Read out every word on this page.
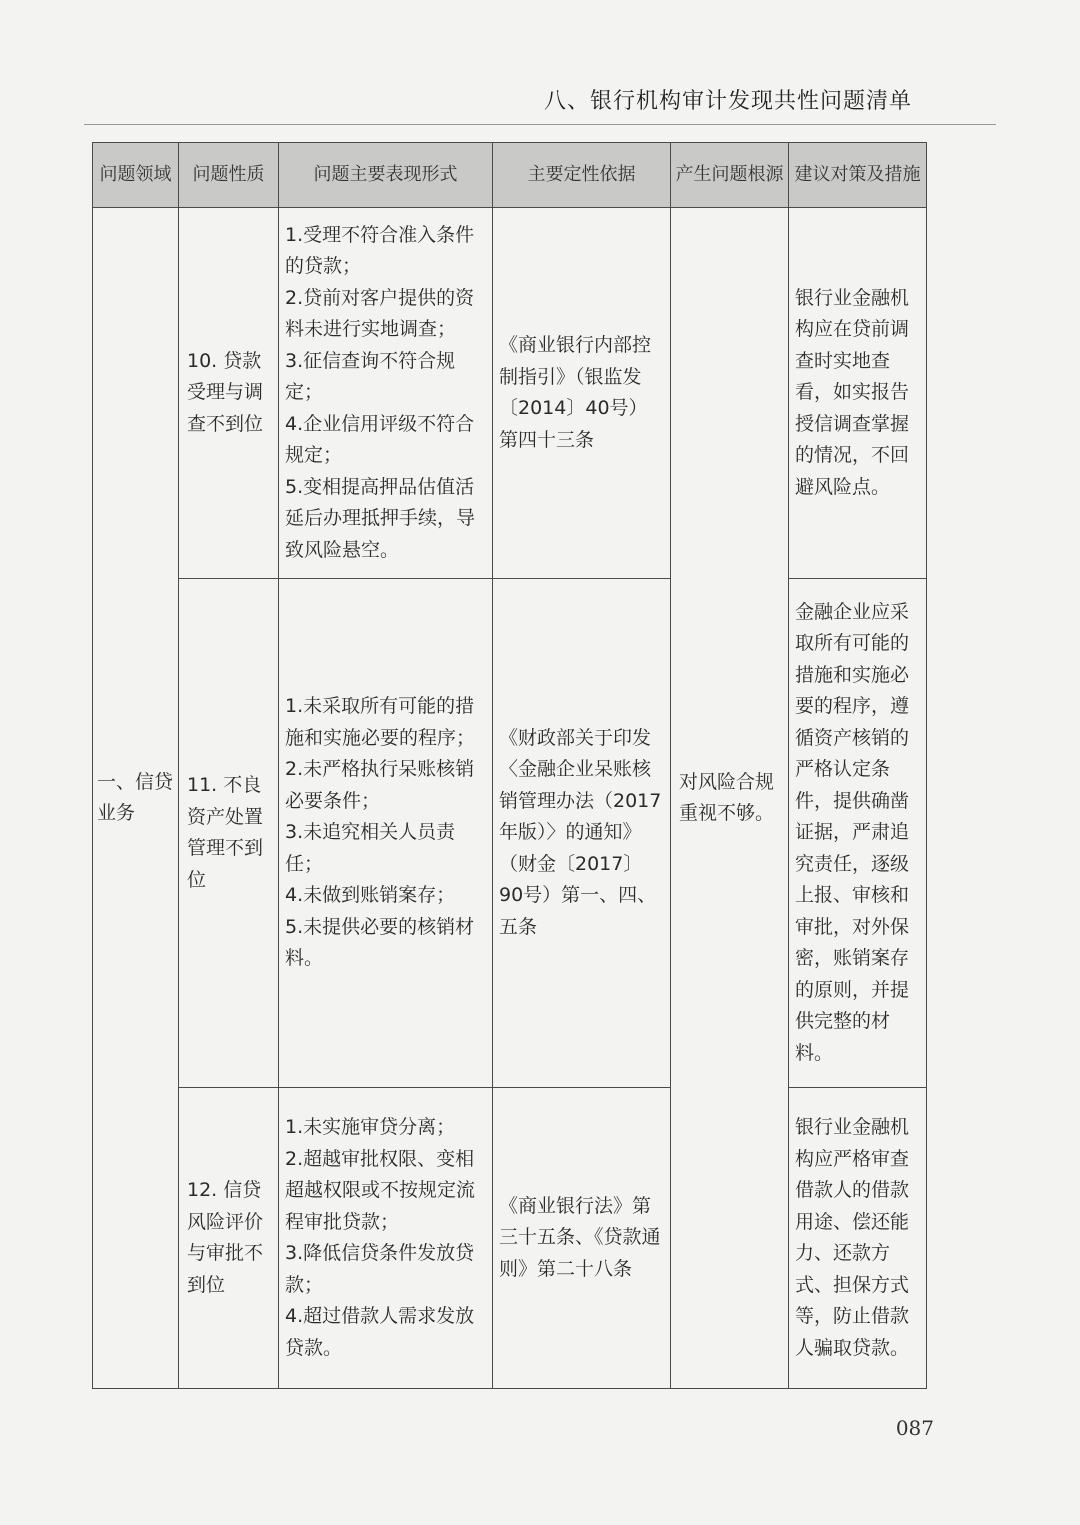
八、银行机构审计发现共性问题清单
问题领域	问题性质	问题主要表现形式	主要定性依据	产生问题根源	建议对策及措施
一、信贷业务	10. 贷款受理与调查不到位	1.受理不符合准入条件的贷款；
2.贷前对客户提供的资料未进行实地调查；
3.征信查询不符合规定；
4.企业信用评级不符合规定；
5.变相提高押品估值活延后办理抵押手续，导致风险悬空。	《商业银行内部控制指引》（银监发〔2014〕40号）第四十三条	对风险合规重视不够。	银行业金融机构应在贷前调查时实地查看，如实报告授信调查掌握的情况，不回避风险点。
	11. 不良资产处置管理不到位	1.未采取所有可能的措施和实施必要的程序；
2.未严格执行呆账核销必要条件；
3.未追究相关人员责任；
4.未做到账销案存；
5.未提供必要的核销材料。	《财政部关于印发〈金融企业呆账核销管理办法（2017年版）〉的通知》（财金〔2017〕90号）第一、四、五条		金融企业应采取所有可能的措施和实施必要的程序，遵循资产核销的严格认定条件，提供确凿证据，严肃追究责任，逐级上报、审核和审批，对外保密，账销案存的原则，并提供完整的材料。
	12. 信贷风险评价与审批不到位	1.未实施审贷分离；
2.超越审批权限、变相超越权限或不按规定流程审批贷款；
3.降低信贷条件发放贷款；
4.超过借款人需求发放贷款。	《商业银行法》第三十五条、《贷款通则》第二十八条		银行业金融机构应严格审查借款人的借款用途、偿还能力、还款方式、担保方式等，防止借款人骗取贷款。
087
